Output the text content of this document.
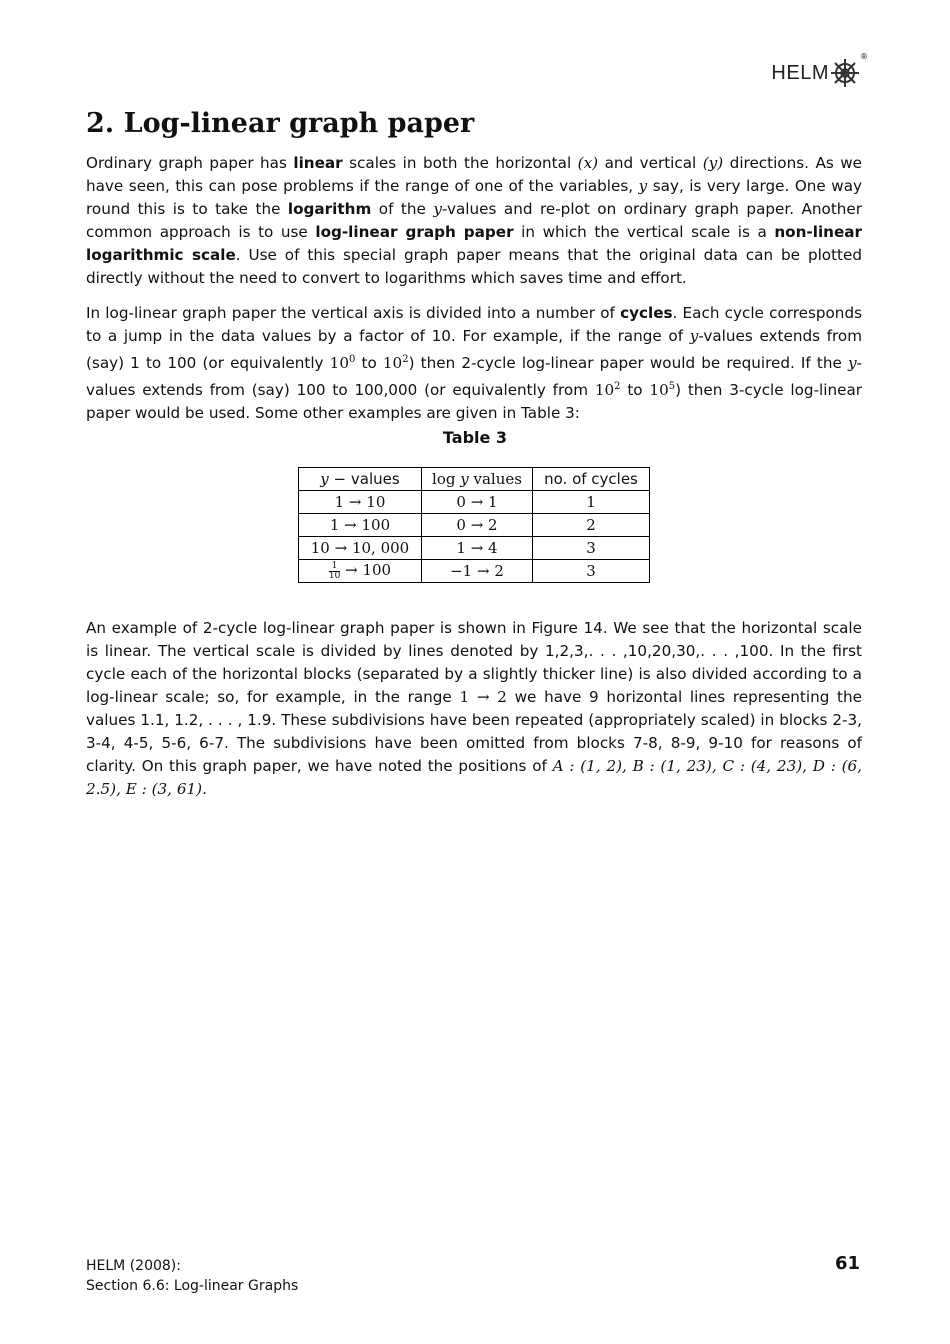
HELM
®
2. Log-linear graph paper

Ordinary graph paper has linear scales in both the horizontal (x) and vertical (y) directions. As we have seen, this can pose problems if the range of one of the variables, y say, is very large. One way round this is to take the logarithm of the y-values and re-plot on ordinary graph paper. Another common approach is to use log-linear graph paper in which the vertical scale is a non-linear logarithmic scale. Use of this special graph paper means that the original data can be plotted directly without the need to convert to logarithms which saves time and effort.

In log-linear graph paper the vertical axis is divided into a number of cycles. Each cycle corresponds to a jump in the data values by a factor of 10. For example, if the range of y-values extends from (say) 1 to 100 (or equivalently $10^0$ to $10^2$) then 2-cycle log-linear paper would be required. If the y-values extends from (say) 100 to 100,000 (or equivalently from $10^2$ to $10^5$) then 3-cycle log-linear paper would be used. Some other examples are given in Table 3:

Table 3
y − values	log y values	no. of cycles
1 → 10	0 → 1	1
1 → 100	0 → 2	2
10 → 10, 000	1 → 4	3

$\frac{1}{10} \to 100$	−1 → 2	3

An example of 2-cycle log-linear graph paper is shown in Figure 14. We see that the horizontal scale is linear. The vertical scale is divided by lines denoted by 1,2,3,. . . ,10,20,30,. . . ,100. In the first cycle each of the horizontal blocks (separated by a slightly thicker line) is also divided according to a log-linear scale; so, for example, in the range 1 → 2 we have 9 horizontal lines representing the values 1.1, 1.2, . . . , 1.9. These subdivisions have been repeated (appropriately scaled) in blocks 2-3, 3-4, 4-5, 5-6, 6-7. The subdivisions have been omitted from blocks 7-8, 8-9, 9-10 for reasons of clarity. On this graph paper, we have noted the positions of A : (1, 2), B : (1, 23), C : (4, 23), D : (6, 2.5), E : (3, 61).

HELM (2008):
Section 6.6: Log-linear Graphs
61
